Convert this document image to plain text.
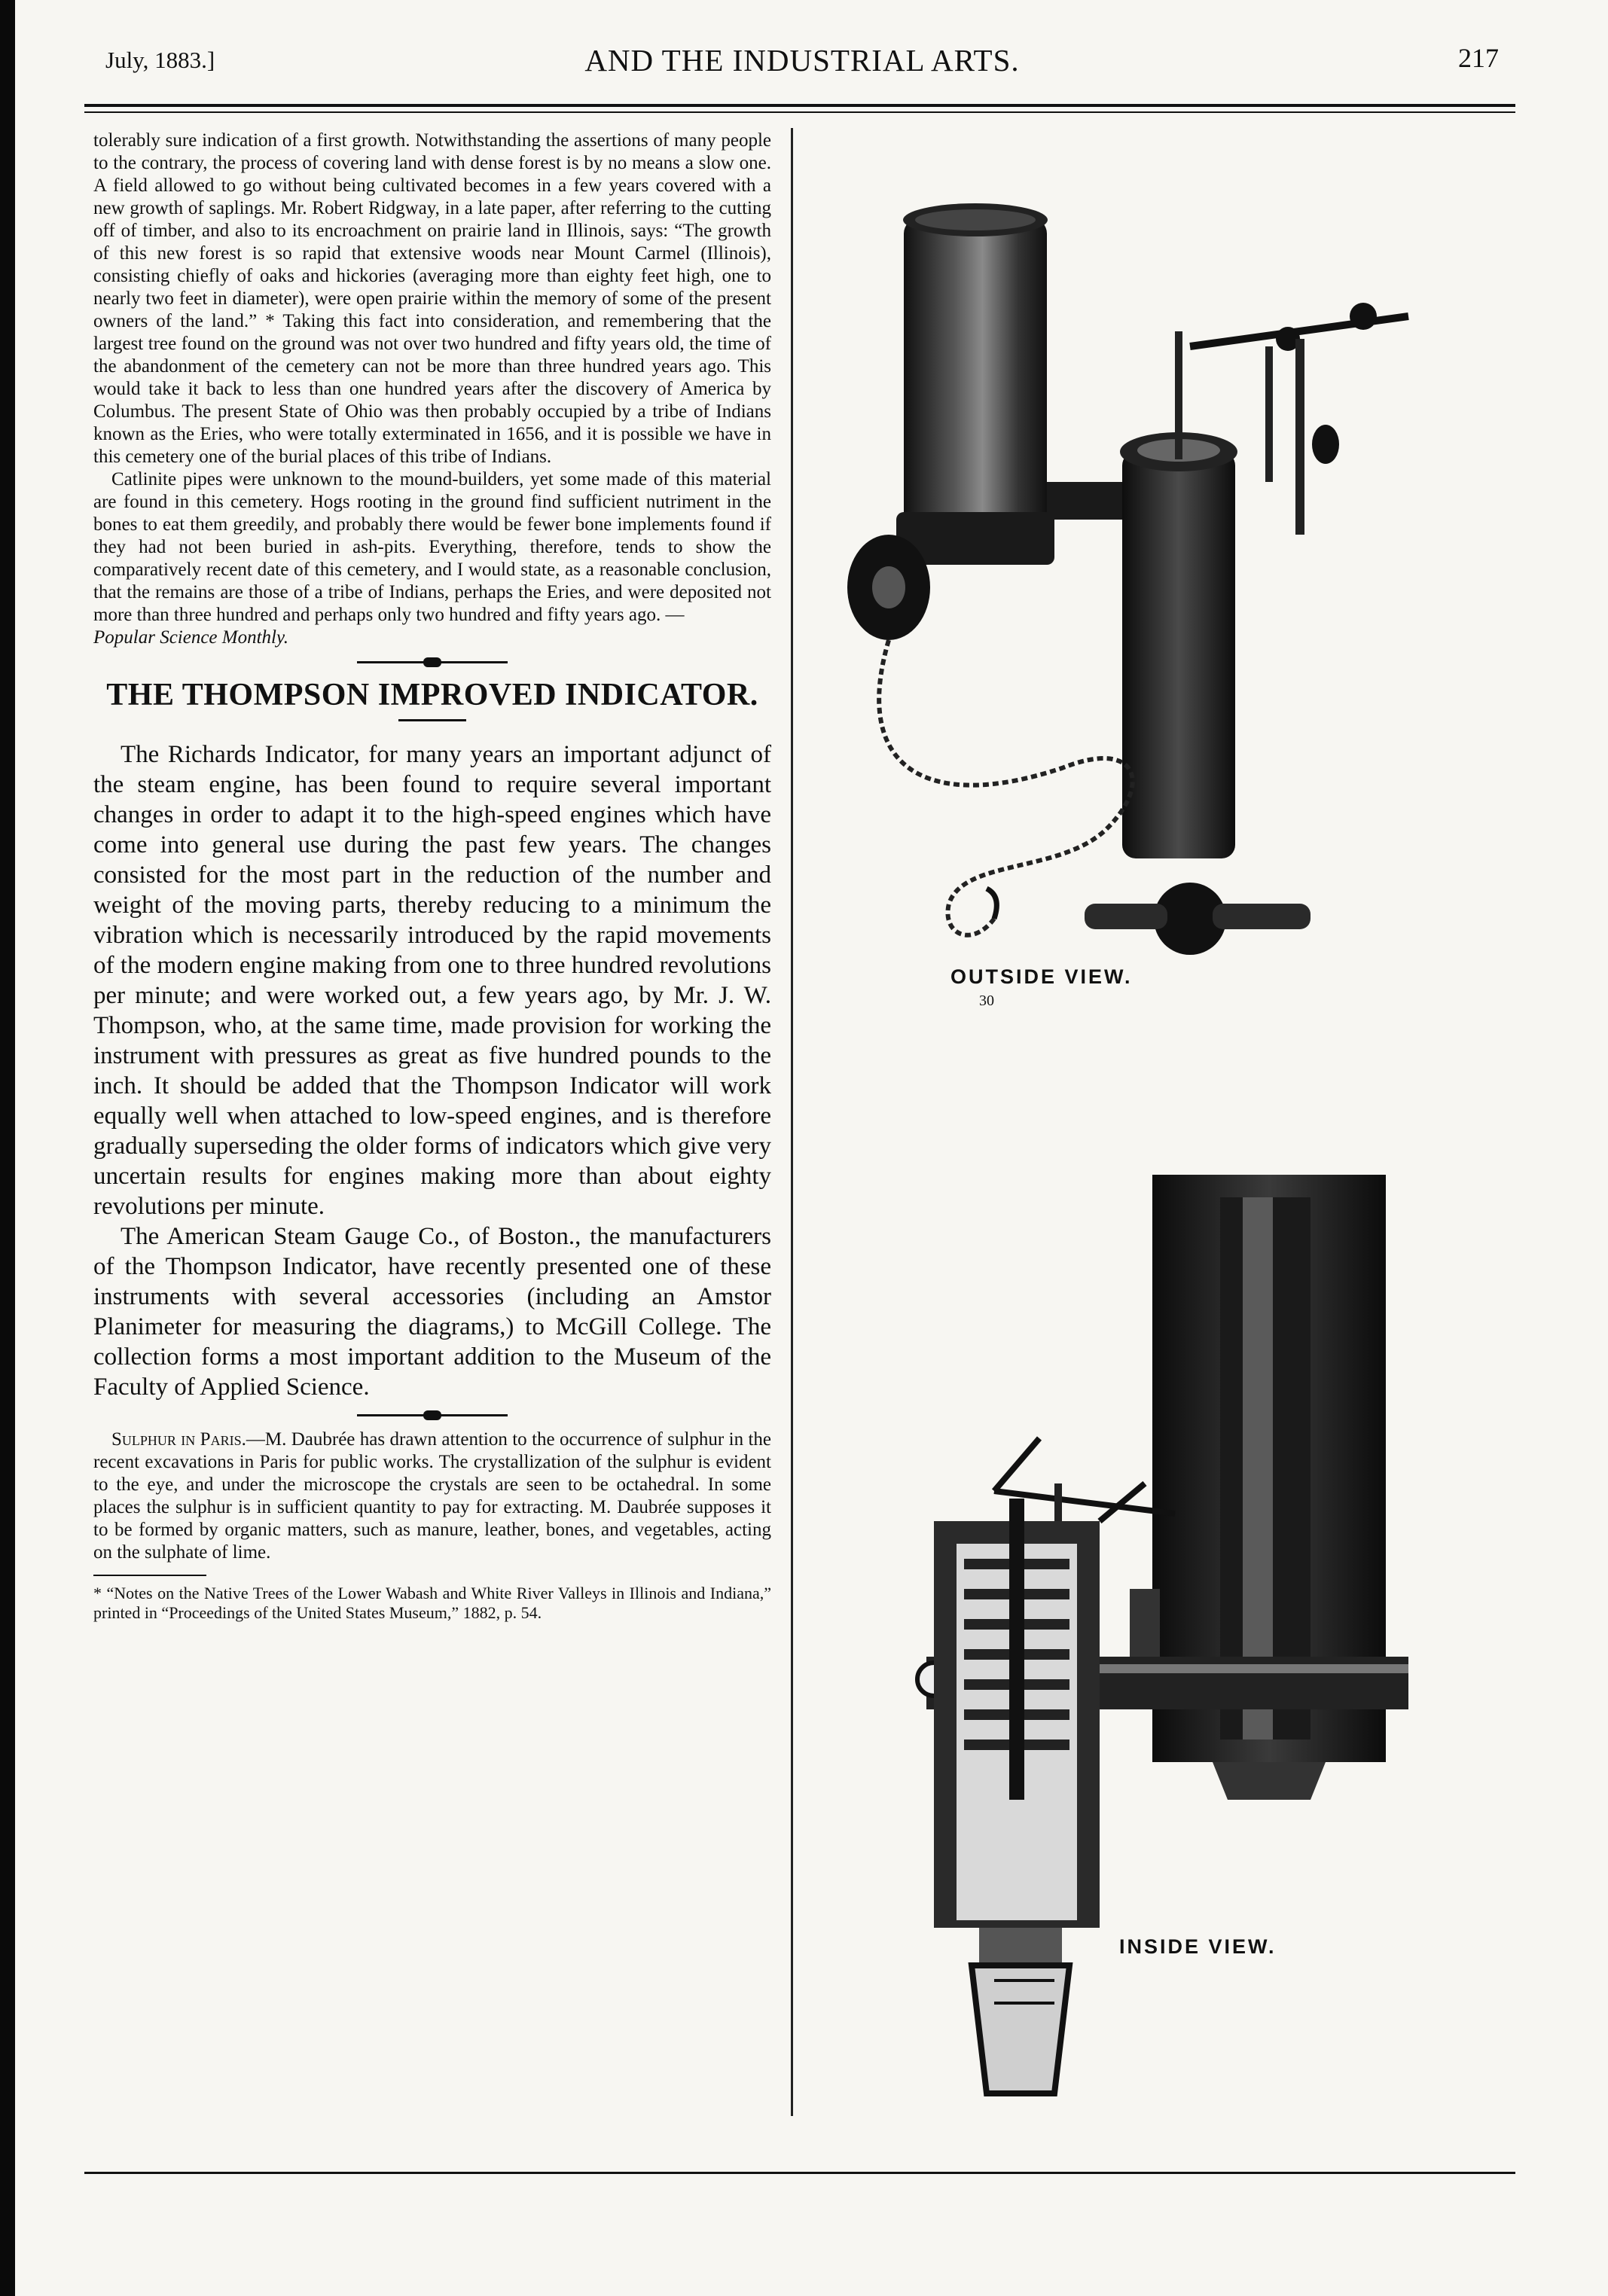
July, 1883.]	AND THE INDUSTRIAL ARTS.	217

tolerably sure indication of a first growth. Notwithstanding the assertions of many people to the contrary, the process of covering land with dense forest is by no means a slow one. A field allowed to go without being cultivated becomes in a few years covered with a new growth of saplings. Mr. Robert Ridgway, in a late paper, after referring to the cutting off of timber, and also to its encroachment on prairie land in Illinois, says: “The growth of this new forest is so rapid that extensive woods near Mount Carmel (Illinois), consisting chiefly of oaks and hickories (averaging more than eighty feet high, one to nearly two feet in diameter), were open prairie within the memory of some of the present owners of the land.” * Taking this fact into consideration, and remembering that the largest tree found on the ground was not over two hundred and fifty years old, the time of the abandonment of the cemetery can not be more than three hundred years ago. This would take it back to less than one hundred years after the discovery of America by Columbus. The present State of Ohio was then probably occupied by a tribe of Indians known as the Eries, who were totally exterminated in 1656, and it is possible we have in this cemetery one of the burial places of this tribe of Indians.

Catlinite pipes were unknown to the mound-builders, yet some made of this material are found in this cemetery. Hogs rooting in the ground find sufficient nutriment in the bones to eat them greedily, and probably there would be fewer bone implements found if they had not been buried in ash-pits. Everything, therefore, tends to show the comparatively recent date of this cemetery, and I would state, as a reasonable conclusion, that the remains are those of a tribe of Indians, perhaps the Eries, and were deposited not more than three hundred and perhaps only two hundred and fifty years ago. —

Popular Science Monthly.

THE THOMPSON IMPROVED INDICATOR.

The Richards Indicator, for many years an important adjunct of the steam engine, has been found to require several important changes in order to adapt it to the high-speed engines which have come into general use during the past few years. The changes consisted for the most part in the reduction of the number and weight of the moving parts, thereby reducing to a minimum the vibration which is necessarily introduced by the rapid movements of the modern engine making from one to three hundred revolutions per minute; and were worked out, a few years ago, by Mr. J. W. Thompson, who, at the same time, made provision for working the instrument with pressures as great as five hundred pounds to the inch. It should be added that the Thompson Indicator will work equally well when attached to low-speed engines, and is therefore gradually superseding the older forms of indicators which give very uncertain results for engines making more than about eighty revolutions per minute.

The American Steam Gauge Co., of Boston., the manufacturers of the Thompson Indicator, have recently presented one of these instruments with several accessories (including an Amstor Planimeter for measuring the diagrams,) to McGill College. The collection forms a most important addition to the Museum of the Faculty of Applied Science.

Sulphur in Paris.—M. Daubrée has drawn attention to the occurrence of sulphur in the recent excavations in Paris for public works. The crystallization of the sulphur is evident to the eye, and under the microscope the crystals are seen to be octahedral. In some places the sulphur is in sufficient quantity to pay for extracting. M. Daubrée supposes it to be formed by organic matters, such as manure, leather, bones, and vegetables, acting on the sulphate of lime.

* “Notes on the Native Trees of the Lower Wabash and White River Valleys in Illinois and Indiana,” printed in “Proceedings of the United States Museum,” 1882, p. 54.

OUTSIDE VIEW.
30
INSIDE VIEW.
